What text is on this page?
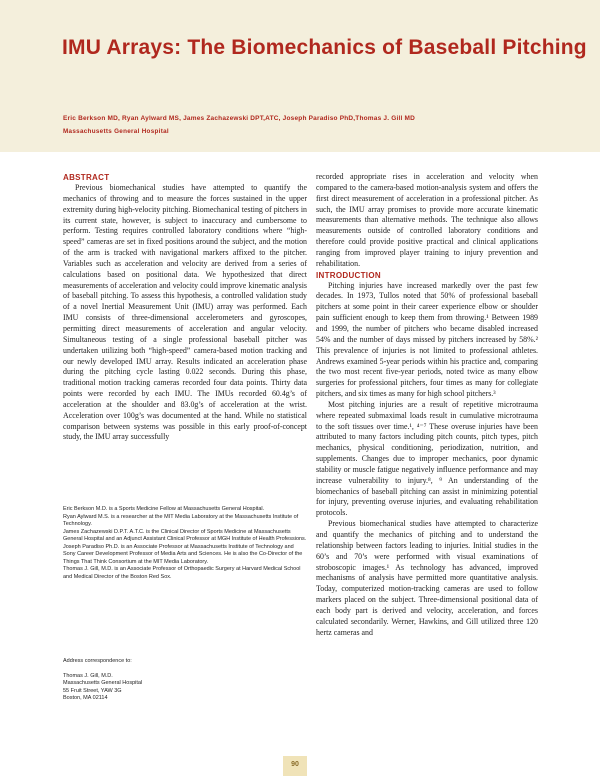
IMU Arrays: The Biomechanics of Baseball Pitching
Eric Berkson MD, Ryan Aylward MS, James Zachazewski DPT,ATC, Joseph Paradiso PhD,Thomas J. Gill MD
Massachusetts General Hospital
ABSTRACT

Previous biomechanical studies have attempted to quantify the mechanics of throwing and to measure the forces sustained in the upper extremity during high-velocity pitching. Biomechanical testing of pitchers in its current state, however, is subject to inaccuracy and cumbersome to perform. Testing requires controlled laboratory conditions where “high-speed” cameras are set in fixed positions around the subject, and the motion of the arm is tracked with navigational markers affixed to the pitcher. Variables such as acceleration and velocity are derived from a series of calculations based on positional data. We hypothesized that direct measurements of acceleration and velocity could improve kinematic analysis of baseball pitching. To assess this hypothesis, a controlled validation study of a novel Inertial Measurement Unit (IMU) array was performed. Each IMU consists of three-dimensional accelerometers and gyroscopes, permitting direct measurements of acceleration and angular velocity. Simultaneous testing of a single professional baseball pitcher was undertaken utilizing both “high-speed” camera-based motion tracking and our newly developed IMU array. Results indicated an acceleration phase during the pitching cycle lasting 0.022 seconds. During this phase, traditional motion tracking cameras recorded four data points. Thirty data points were recorded by each IMU. The IMUs recorded 60.4g’s of acceleration at the shoulder and 83.0g’s of acceleration at the wrist. Acceleration over 100g’s was documented at the hand. While no statistical comparison between systems was possible in this early proof-of-concept study, the IMU array successfully

recorded appropriate rises in acceleration and velocity when compared to the camera-based motion-analysis system and offers the first direct measurement of acceleration in a professional pitcher. As such, the IMU array promises to provide more accurate kinematic measurements than alternative methods. The technique also allows measurements outside of controlled laboratory conditions and therefore could provide positive practical and clinical applications ranging from improved player training to injury prevention and rehabilitation.

INTRODUCTION

Pitching injuries have increased markedly over the past few decades. In 1973, Tullos noted that 50% of professional baseball pitchers at some point in their career experience elbow or shoulder pain sufficient enough to keep them from throwing.¹ Between 1989 and 1999, the number of pitchers who became disabled increased 54% and the number of days missed by pitchers increased by 58%.² This prevalence of injuries is not limited to professional athletes. Andrews examined 5-year periods within his practice and, comparing the two most recent five-year periods, noted twice as many elbow surgeries for professional pitchers, four times as many for collegiate pitchers, and six times as many for high school pitchers.³

Most pitching injuries are a result of repetitive microtrauma where repeated submaximal loads result in cumulative microtrauma to the soft tissues over time.¹, ⁴⁻⁷ These overuse injuries have been attributed to many factors including pitch counts, pitch types, pitch mechanics, physical conditioning, periodization, nutrition, and supplements. Changes due to improper mechanics, poor dynamic stability or muscle fatigue negatively influence performance and may increase vulnerability to injury.⁸, ⁹ An understanding of the biomechanics of baseball pitching can assist in minimizing potential for injury, preventing overuse injuries, and evaluating rehabilitation protocols.

Previous biomechanical studies have attempted to characterize and quantify the mechanics of pitching and to understand the relationship between factors leading to injuries. Initial studies in the 60’s and 70’s were performed with visual examinations of stroboscopic images.¹ As technology has advanced, improved mechanisms of analysis have permitted more quantitative analysis. Today, computerized motion-tracking cameras are used to follow markers placed on the subject. Three-dimensional positional data of each body part is derived and velocity, acceleration, and forces calculated secondarily. Werner, Hawkins, and Gill utilized three 120 hertz cameras and

Eric Berkson M.D. is a Sports Medicine Fellow at Massachusetts General Hospital.
Ryan Aylward M.S. is a researcher at the MIT Media Laboratory at the Massachusetts Institute of Technology.
James Zachazewski D.P.T. A.T.C. is the Clinical Director of Sports Medicine at Massachusetts General Hospital and an Adjunct Assistant Clinical Professor at MGH Institute of Health Professions.
Joseph Paradiso Ph.D. is an Associate Professor at Massachusetts Institute of Technology and Sony Career Development Professor of Media Arts and Sciences. He is also the Co-Director of the Things That Think Consortium at the MIT Media Laboratory.
Thomas J. Gill, M.D. is an Associate Professor of Orthopaedic Surgery at Harvard Medical School and Medical Director of the Boston Red Sox.
Address correspondence to:
Thomas J. Gill, M.D.
Massachusetts General Hospital
55 Fruit Street, YAW 3G
Boston, MA 02114
90
